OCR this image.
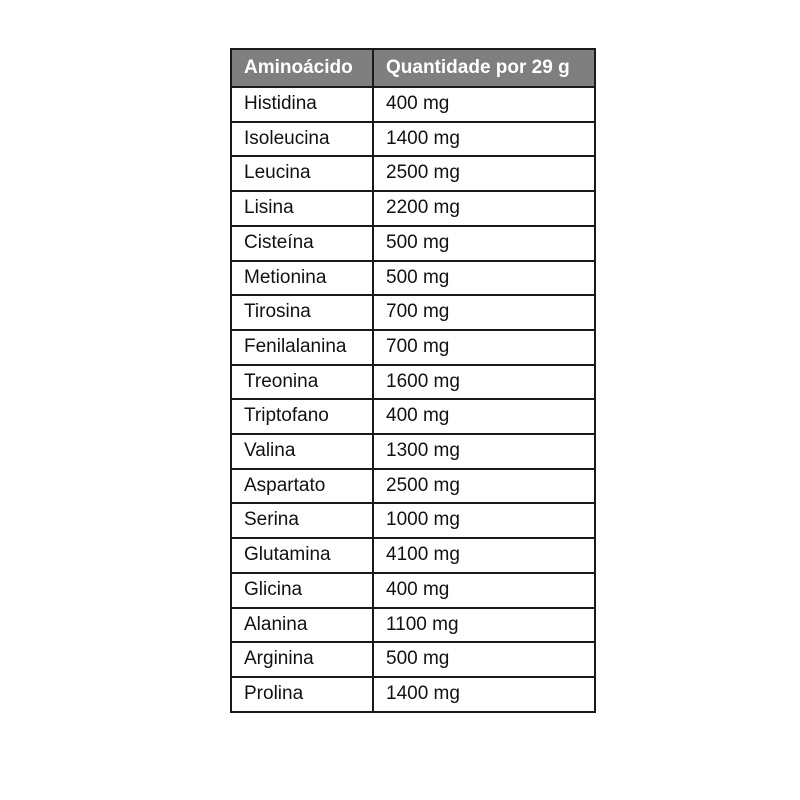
Aminoácido	Quantidade por 29 g
Histidina	400 mg
Isoleucina	1400 mg
Leucina	2500 mg
Lisina	2200 mg
Cisteína	500 mg
Metionina	500 mg
Tirosina	700 mg
Fenilalanina	700 mg
Treonina	1600 mg
Triptofano	400 mg
Valina	1300 mg
Aspartato	2500 mg
Serina	1000 mg
Glutamina	4100 mg
Glicina	400 mg
Alanina	1100 mg
Arginina	500 mg
Prolina	1400 mg
